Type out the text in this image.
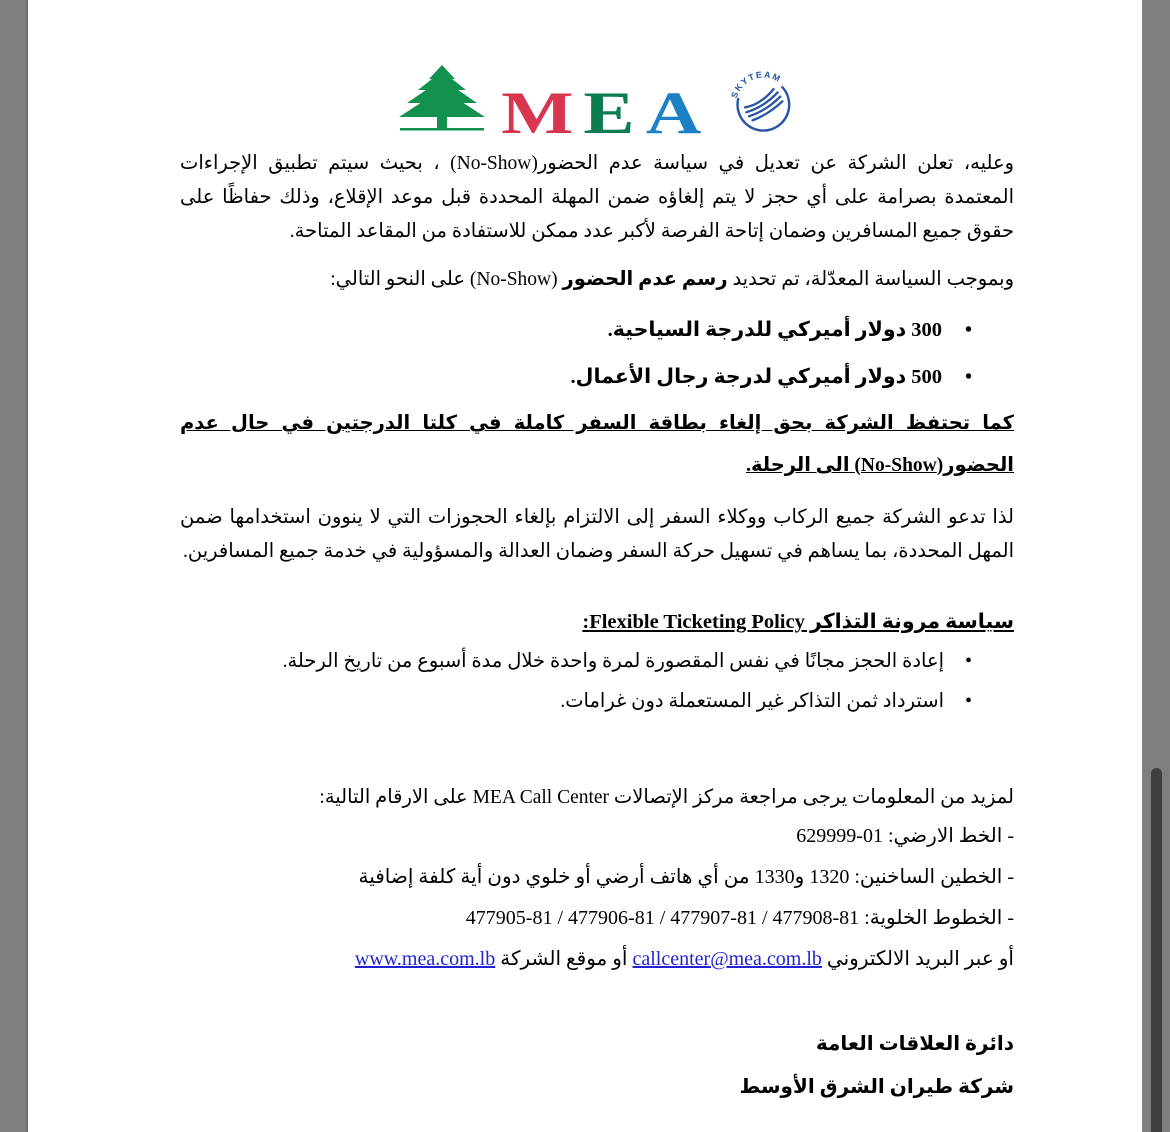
M E A SKYTEAM

وعليه، تعلن الشركة عن تعديل في سياسة عدم الحضور(No-Show) ، بحيث سيتم تطبيق الإجراءات المعتمدة بصرامة على أي حجز لا يتم إلغاؤه ضمن المهلة المحددة قبل موعد الإقلاع، وذلك حفاظًا على حقوق جميع المسافرين وضمان إتاحة الفرصة لأكبر عدد ممكن للاستفادة من المقاعد المتاحة.

وبموجب السياسة المعدّلة، تم تحديد رسم عدم الحضور (No-Show) على النحو التالي:

• 300 دولار أميركي للدرجة السياحية.
• 500 دولار أميركي لدرجة رجال الأعمال.

كما تحتفظ الشركة بحق إلغاء بطاقة السفر كاملة في كلتا الدرجتين في حال عدم الحضور(No-Show) الى الرحلة.

لذا تدعو الشركة جميع الركاب ووكلاء السفر إلى الالتزام بإلغاء الحجوزات التي لا ينوون استخدامها ضمن المهل المحددة، بما يساهم في تسهيل حركة السفر وضمان العدالة والمسؤولية في خدمة جميع المسافرين.

سياسة مرونة التذاكر Flexible Ticketing Policy:
• إعادة الحجز مجانًا في نفس المقصورة لمرة واحدة خلال مدة أسبوع من تاريخ الرحلة.
• استرداد ثمن التذاكر غير المستعملة دون غرامات.

لمزيد من المعلومات يرجى مراجعة مركز الإتصالات MEA Call Center على الارقام التالية:

- الخط الارضي: 01-629999

- الخطين الساخنين: 1320 و1330 من أي هاتف أرضي أو خلوي دون أية كلفة إضافية

- الخطوط الخلوية: 81-477908 / 81-477907 / 81-477906 / 81-477905

أو عبر البريد الالكتروني callcenter@mea.com.lb أو موقع الشركة www.mea.com.lb

دائرة العلاقات العامة

شركة طيران الشرق الأوسط
